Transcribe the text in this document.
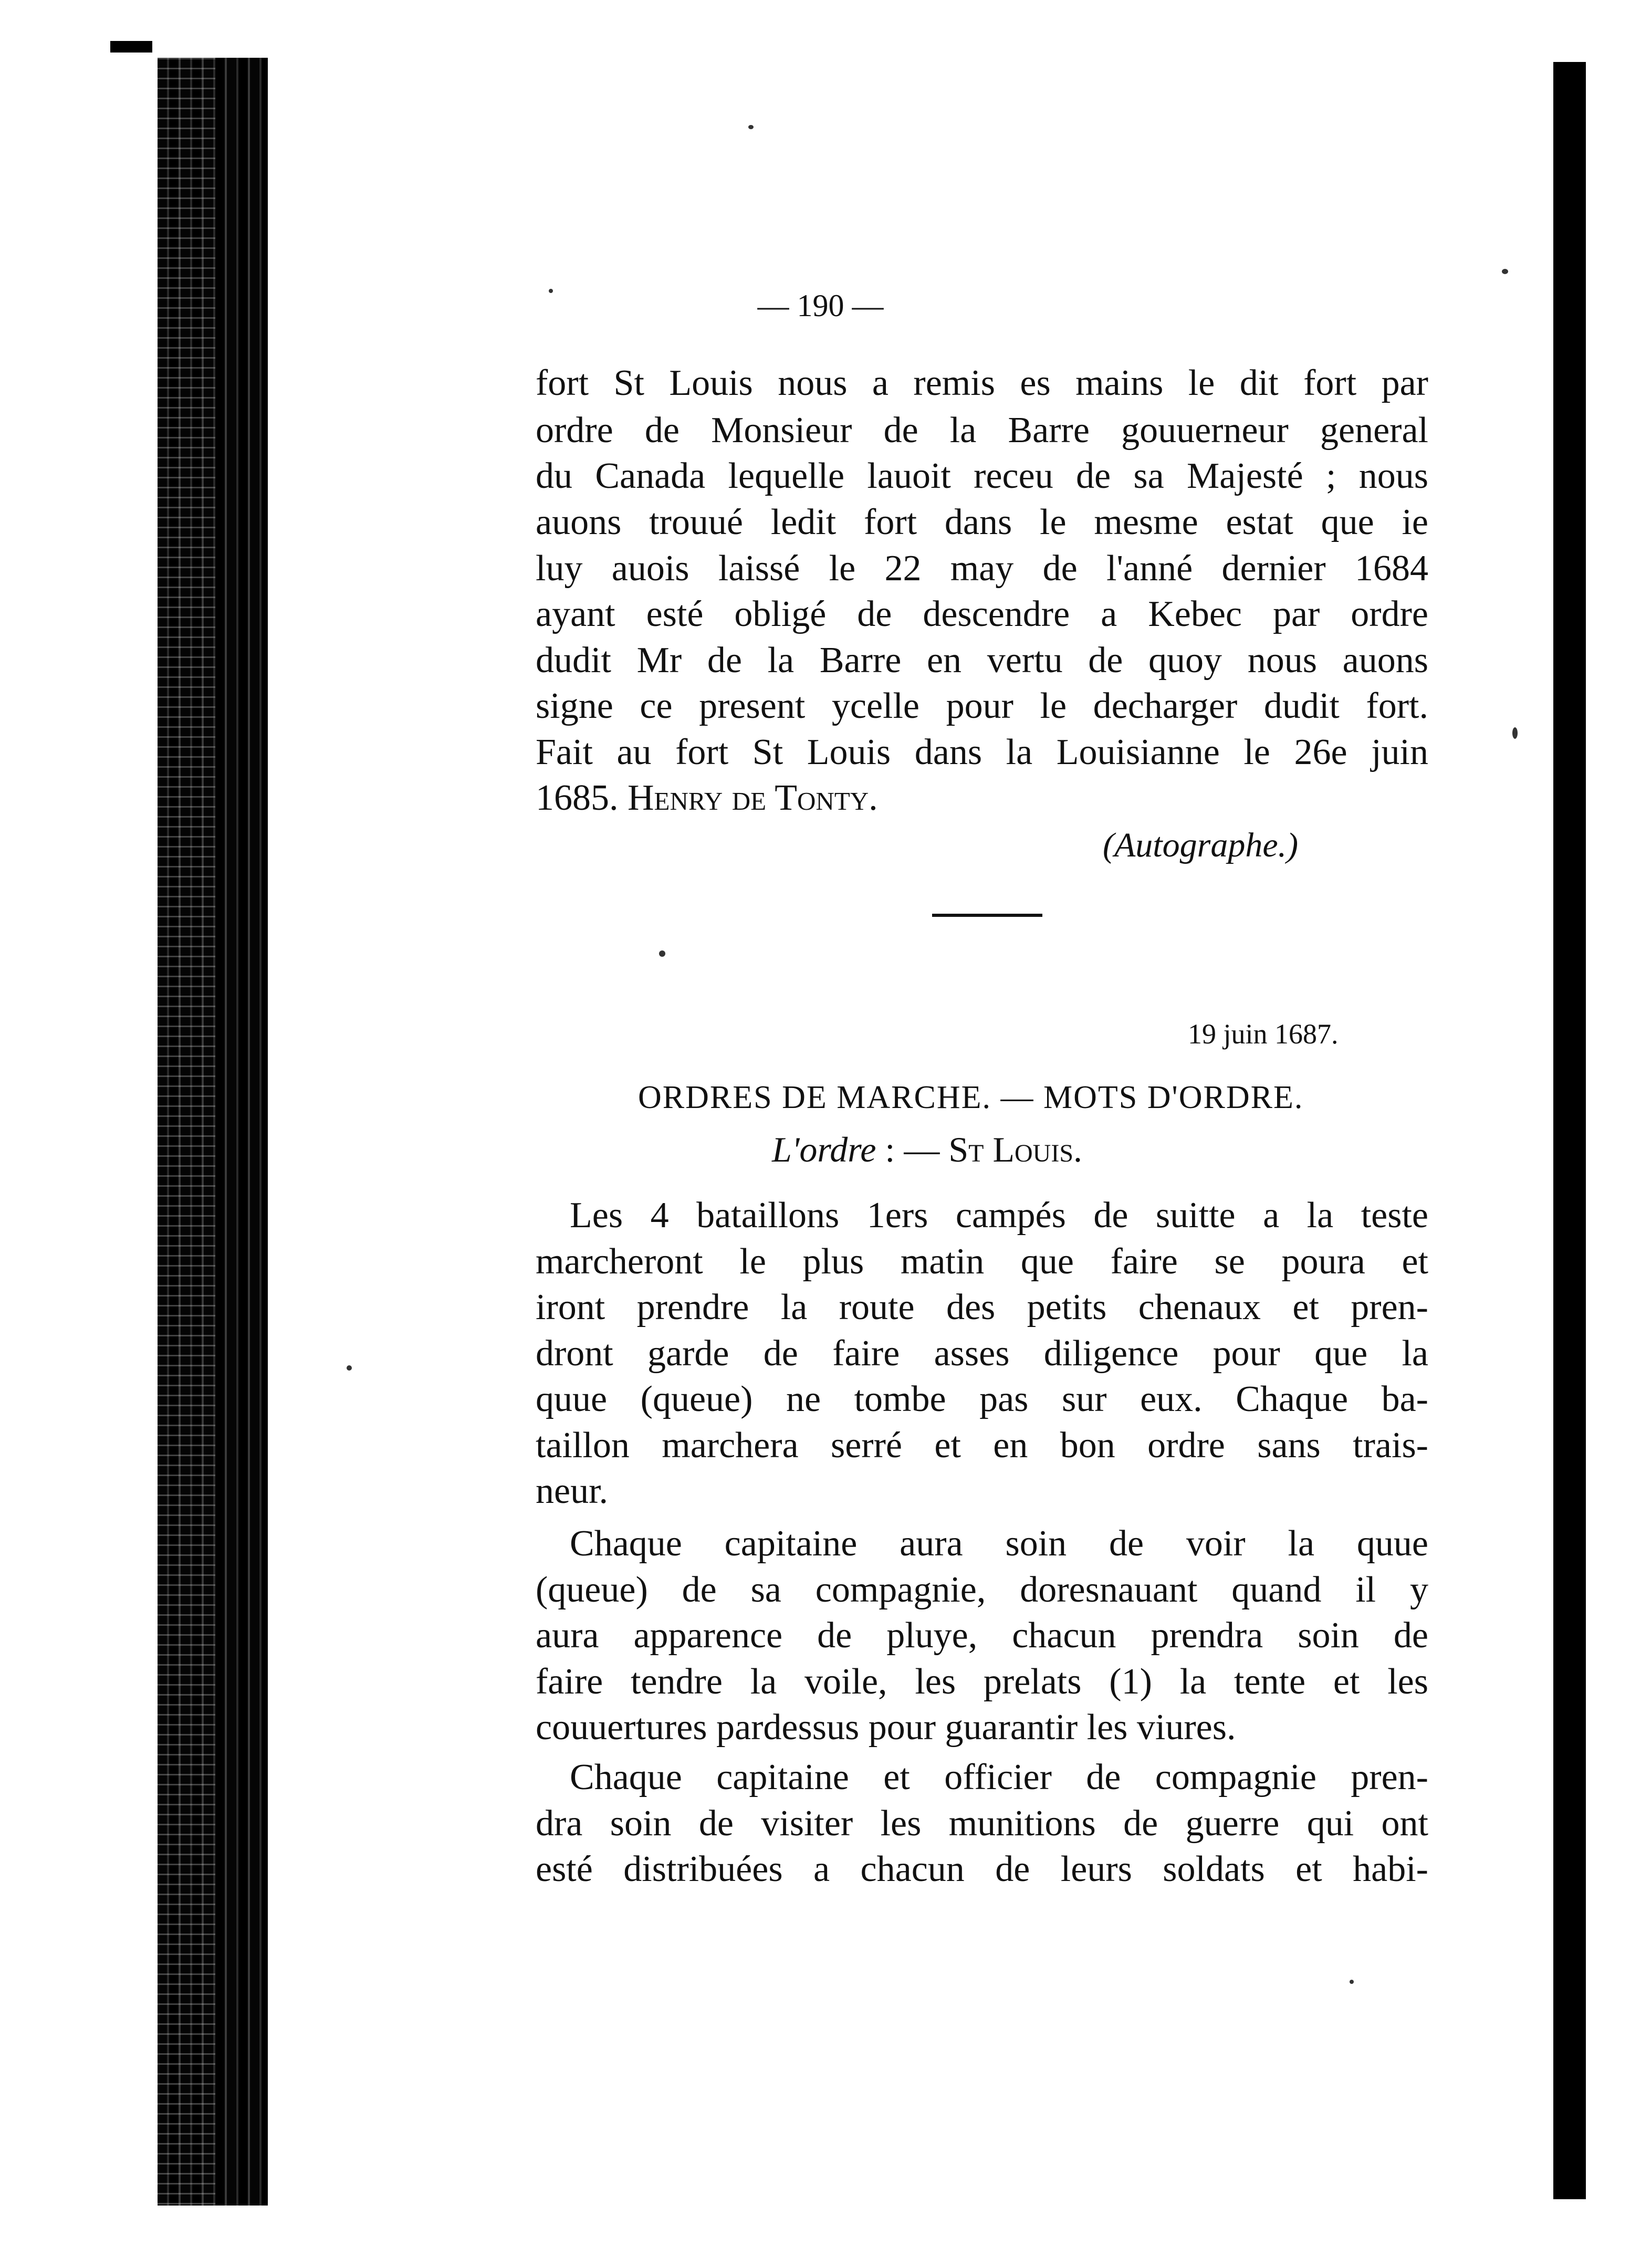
— 190 —
fort St Louis nous a remis es mains le dit fort par
ordre de Monsieur de la Barre gouuerneur general
du Canada lequelle lauoit receu de sa Majesté ; nous
auons trouué ledit fort dans le mesme estat que ie
luy auois laissé le 22 may de l'anné dernier 1684
ayant esté obligé de descendre a Kebec par ordre
dudit Mr de la Barre en vertu de quoy nous auons
signe ce present ycelle pour le decharger dudit fort.
Fait au fort St Louis dans la Louisianne le 26e juin
1685. Henry de Tonty.
(Autographe.)
19 juin 1687.
ORDRES DE MARCHE. — MOTS D'ORDRE.
L'ordre : — St Louis.
Les 4 bataillons 1ers campés de suitte a la teste
marcheront le plus matin que faire se poura et
iront prendre la route des petits chenaux et pren-
dront garde de faire asses diligence pour que la
quue (queue) ne tombe pas sur eux. Chaque ba-
taillon marchera serré et en bon ordre sans trais-
neur.
Chaque capitaine aura soin de voir la quue
(queue) de sa compagnie, doresnauant quand il y
aura apparence de pluye, chacun prendra soin de
faire tendre la voile, les prelats (1) la tente et les
couuertures pardessus pour guarantir les viures.
Chaque capitaine et officier de compagnie pren-
dra soin de visiter les munitions de guerre qui ont
esté distribuées a chacun de leurs soldats et habi-
